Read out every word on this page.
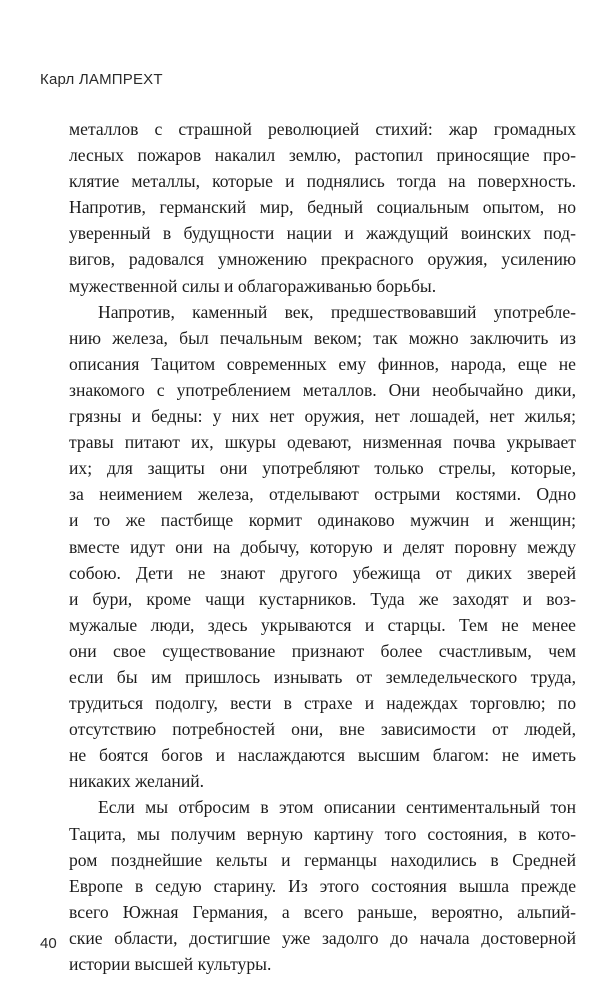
Карл ЛАМПРЕХТ
металлов с страшной революцией стихий: жар громадных
лесных пожаров накалил землю, растопил приносящие про-
клятие металлы, которые и поднялись тогда на поверхность.
Напротив, германский мир, бедный социальным опытом, но
уверенный в будущности нации и жаждущий воинских под-
вигов, радовался умножению прекрасного оружия, усилению
мужественной силы и облагораживанью борьбы.
Напротив, каменный век, предшествовавший употребле-
нию железа, был печальным веком; так можно заключить из
описания Тацитом современных ему финнов, народа, еще не
знакомого с употреблением металлов. Они необычайно дики,
грязны и бедны: у них нет оружия, нет лошадей, нет жилья;
травы питают их, шкуры одевают, низменная почва укрывает
их; для защиты они употребляют только стрелы, которые,
за неимением железа, отделывают острыми костями. Одно
и то же пастбище кормит одинаково мужчин и женщин;
вместе идут они на добычу, которую и делят поровну между
собою. Дети не знают другого убежища от диких зверей
и бури, кроме чащи кустарников. Туда же заходят и воз-
мужалые люди, здесь укрываются и старцы. Тем не менее
они свое существование признают более счастливым, чем
если бы им пришлось изнывать от земледельческого труда,
трудиться подолгу, вести в страхе и надеждах торговлю; по
отсутствию потребностей они, вне зависимости от людей,
не боятся богов и наслаждаются высшим благом: не иметь
никаких желаний.
Если мы отбросим в этом описании сентиментальный тон
Тацита, мы получим верную картину того состояния, в кото-
ром позднейшие кельты и германцы находились в Средней
Европе в седую старину. Из этого состояния вышла прежде
всего Южная Германия, а всего раньше, вероятно, альпий-
ские области, достигшие уже задолго до начала достоверной
истории высшей культуры.
40
